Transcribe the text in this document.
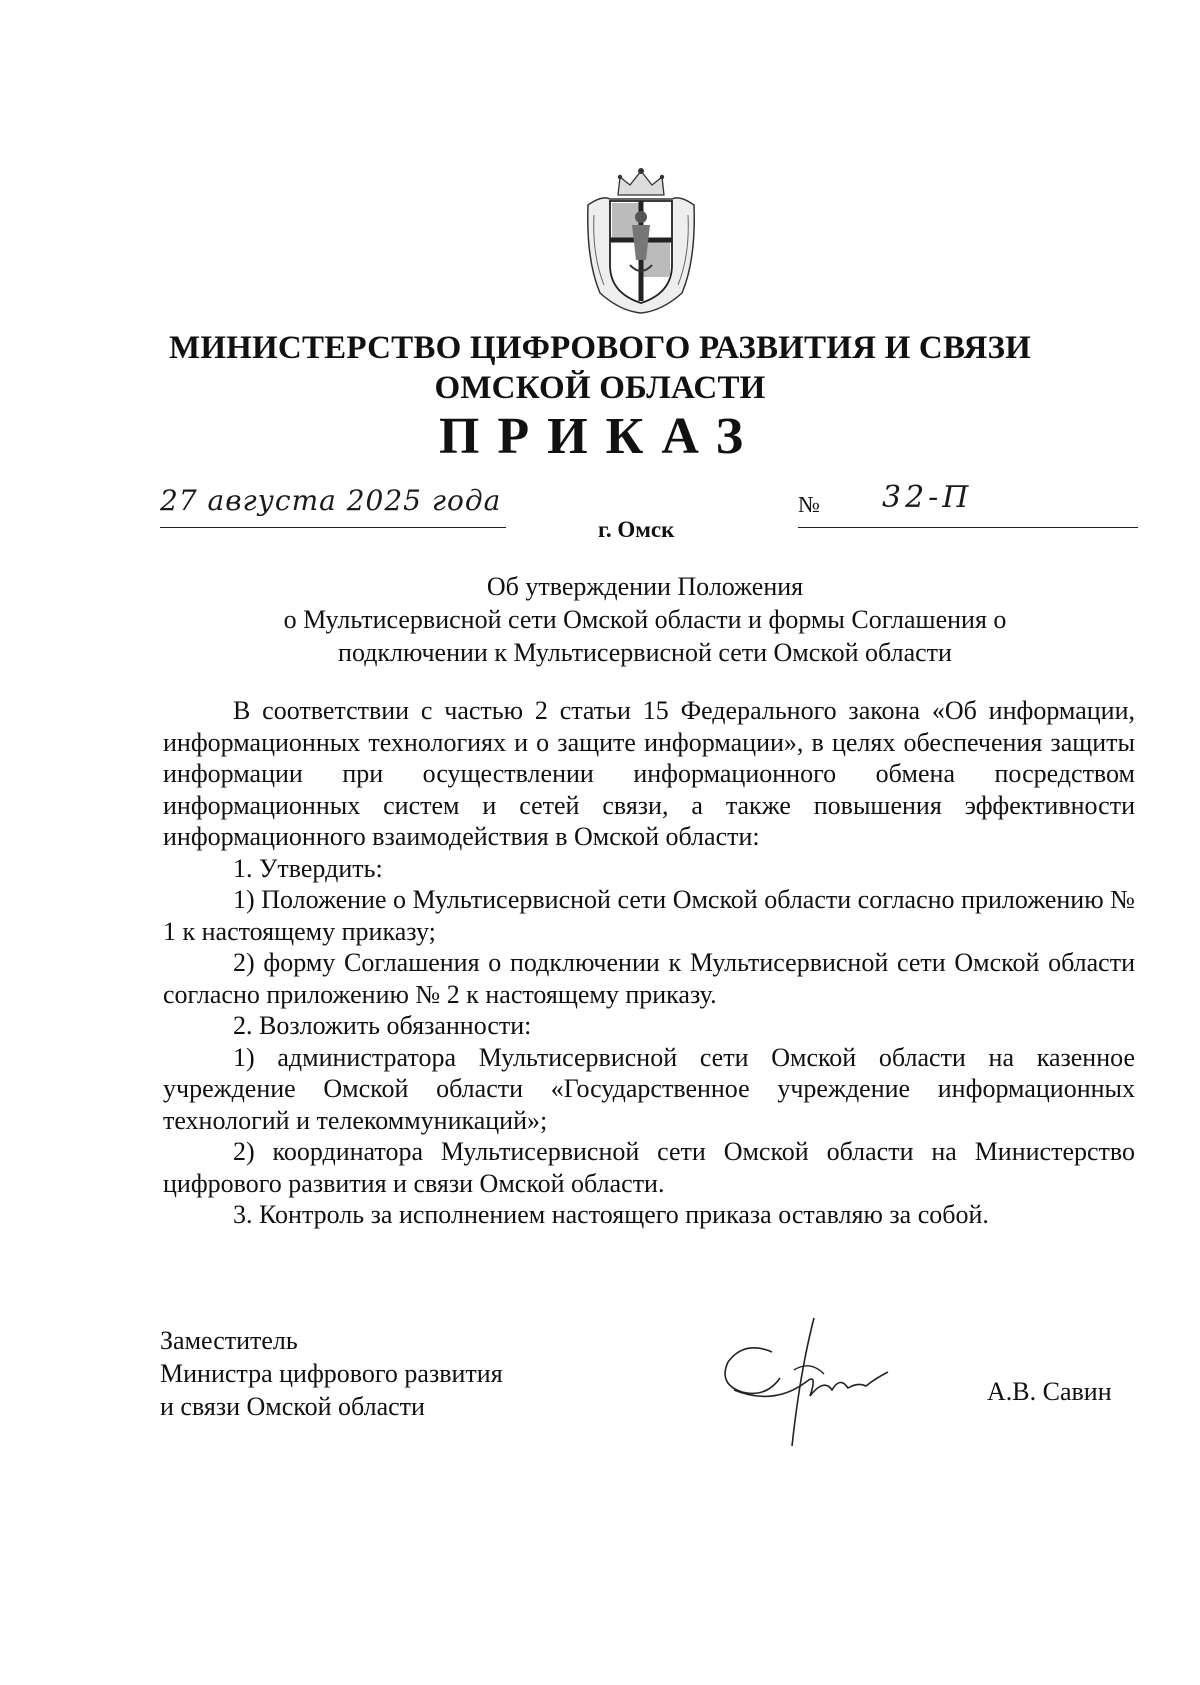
МИНИСТЕРСТВО ЦИФРОВОГО РАЗВИТИЯ И СВЯЗИ
ОМСКОЙ ОБЛАСТИ
ПРИКАЗ
27 августа 2025 года	№ 32-П
г. Омск
Об утверждении Положения
о Мультисервисной сети Омской области и формы Соглашения о
подключении к Мультисервисной сети Омской области

В соответствии с частью 2 статьи 15 Федерального закона «Об информации, информационных технологиях и о защите информации», в целях обеспечения защиты информации при осуществлении информационного обмена посредством информационных систем и сетей связи, а также повышения эффективности информационного взаимодействия в Омской области:

1. Утвердить:

1) Положение о Мультисервисной сети Омской области согласно приложению № 1 к настоящему приказу;

2) форму Соглашения о подключении к Мультисервисной сети Омской области согласно приложению № 2 к настоящему приказу.

2. Возложить обязанности:

1) администратора Мультисервисной сети Омской области на казенное учреждение Омской области «Государственное учреждение информационных технологий и телекоммуникаций»;

2) координатора Мультисервисной сети Омской области на Министерство цифрового развития и связи Омской области.

3. Контроль за исполнением настоящего приказа оставляю за собой.

Заместитель
Министра цифрового развития
и связи Омской области
А.В. Савин
